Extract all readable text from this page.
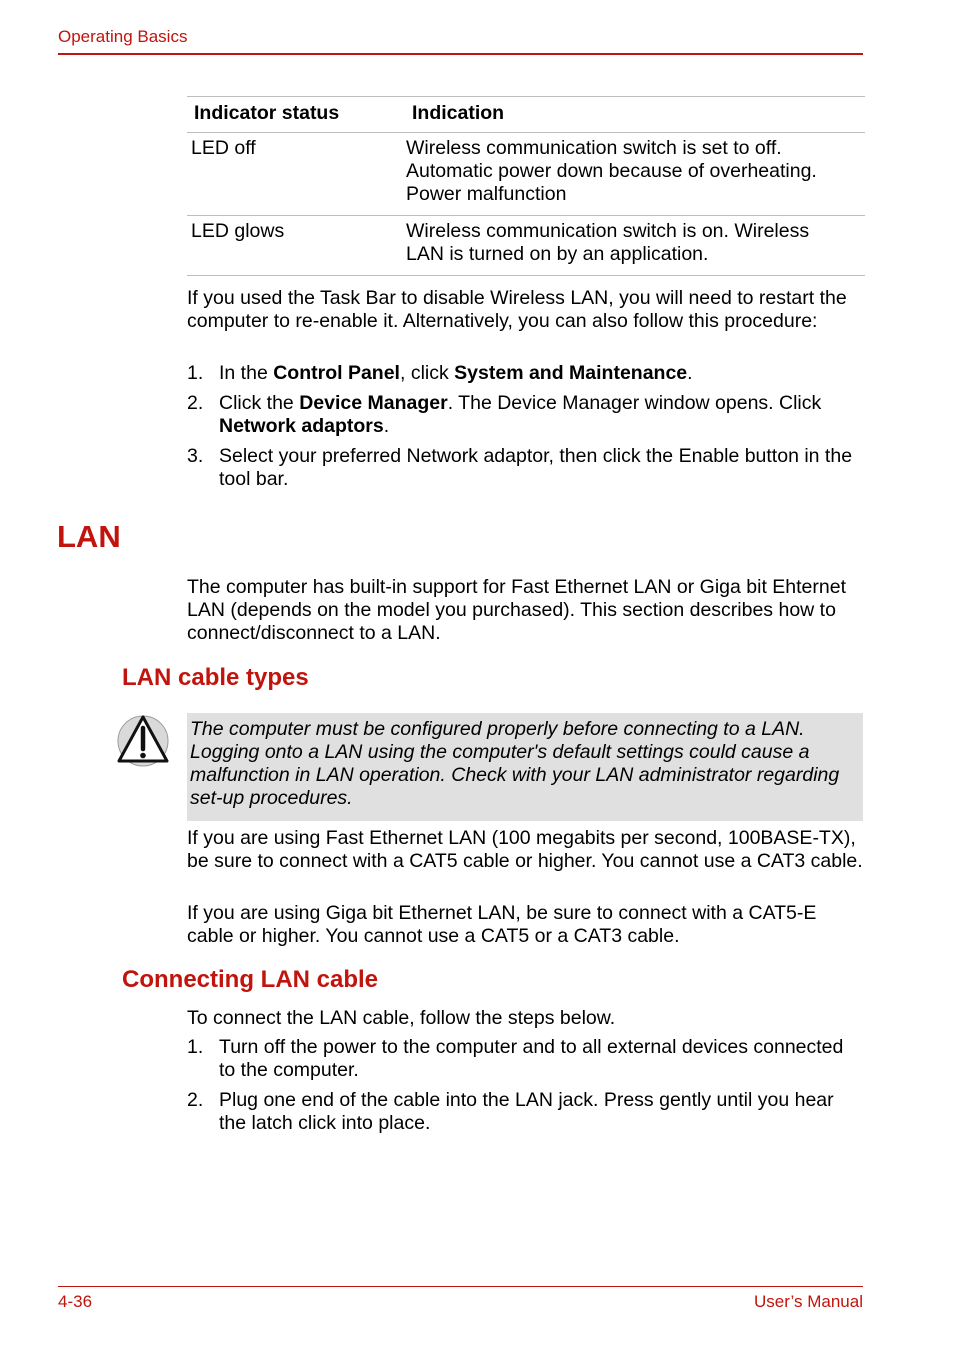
Operating Basics
Indicator status	Indication
LED off	Wireless communication switch is set to off.
Automatic power down because of overheating.
Power malfunction
LED glows	Wireless communication switch is on. Wireless
LAN is turned on by an application.
If you used the Task Bar to disable Wireless LAN, you will need to restart the computer to re-enable it. Alternatively, you can also follow this procedure:
1. In the Control Panel, click System and Maintenance.
2. Click the Device Manager. The Device Manager window opens. Click Network adaptors.
3. Select your preferred Network adaptor, then click the Enable button in the tool bar.
LAN
The computer has built-in support for Fast Ethernet LAN or Giga bit Ehternet LAN (depends on the model you purchased). This section describes how to connect/disconnect to a LAN.
LAN cable types
The computer must be configured properly before connecting to a LAN. Logging onto a LAN using the computer's default settings could cause a malfunction in LAN operation. Check with your LAN administrator regarding set-up procedures.
If you are using Fast Ethernet LAN (100 megabits per second, 100BASE-TX), be sure to connect with a CAT5 cable or higher. You cannot use a CAT3 cable.
If you are using Giga bit Ethernet LAN, be sure to connect with a CAT5-E cable or higher. You cannot use a CAT5 or a CAT3 cable.
Connecting LAN cable
To connect the LAN cable, follow the steps below.
1. Turn off the power to the computer and to all external devices connected to the computer.
2. Plug one end of the cable into the LAN jack. Press gently until you hear the latch click into place.
4-36	User’s Manual
